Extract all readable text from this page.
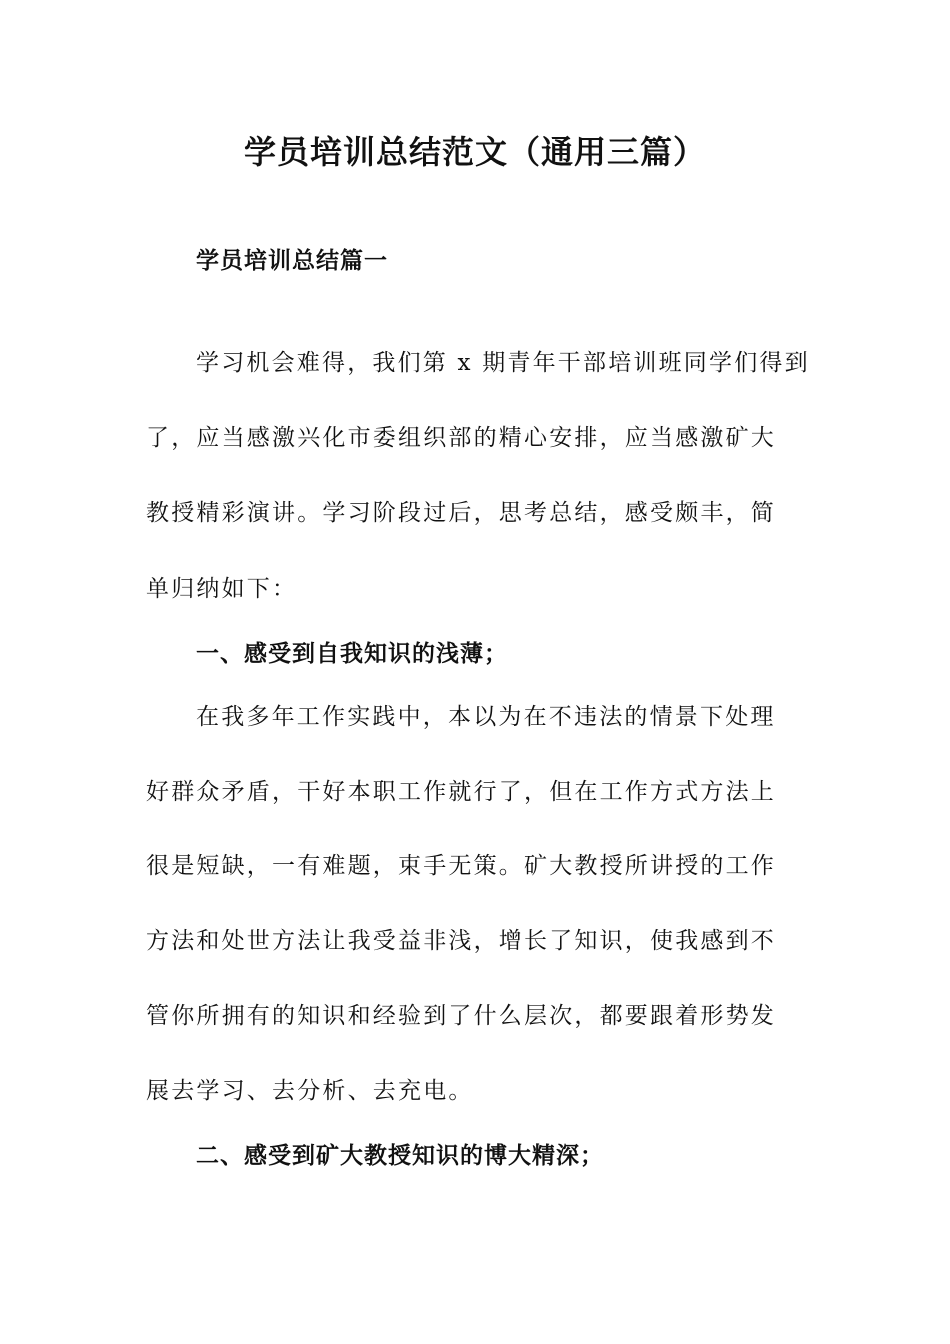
学员培训总结范文（通用三篇）
学员培训总结篇一
学习机会难得，我们第 x 期青年干部培训班同学们得到
了，应当感激兴化市委组织部的精心安排，应当感激矿大
教授精彩演讲。学习阶段过后，思考总结，感受颇丰，简
单归纳如下：
一、感受到自我知识的浅薄；
在我多年工作实践中，本以为在不违法的情景下处理
好群众矛盾，干好本职工作就行了，但在工作方式方法上
很是短缺，一有难题，束手无策。矿大教授所讲授的工作
方法和处世方法让我受益非浅，增长了知识，使我感到不
管你所拥有的知识和经验到了什么层次，都要跟着形势发
展去学习、去分析、去充电。
二、感受到矿大教授知识的博大精深；
